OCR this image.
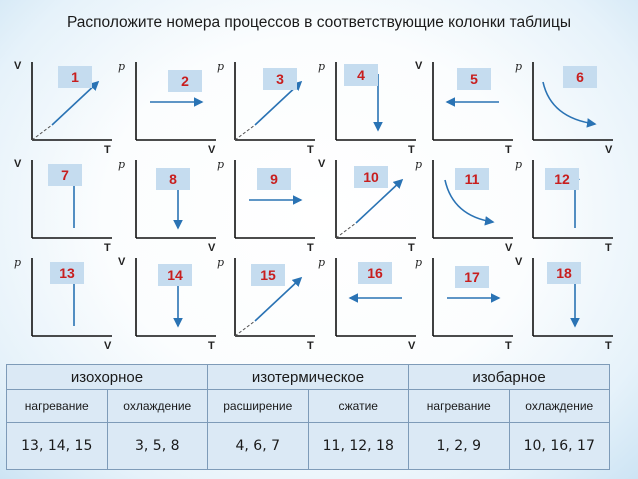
Расположите номера процессов в соответствующие колонки таблицы
V
T
1
p
V
2
p
T
3
p
T
4
V
T
5
p
V
6
V
T
7
p
V
8
p
T
9
V
T
10
p
V
11
p
T
12
p
V
13
V
T
14
p
T
15
p
V
16
p
T
17
V
T
18
изохорное		изотермическое		изобарное	
нагревание	охлаждение	расширение	сжатие	нагревание	охлаждение
13, 14, 15	3, 5, 8	4, 6, 7	11, 12, 18	1, 2, 9	10, 16, 17
